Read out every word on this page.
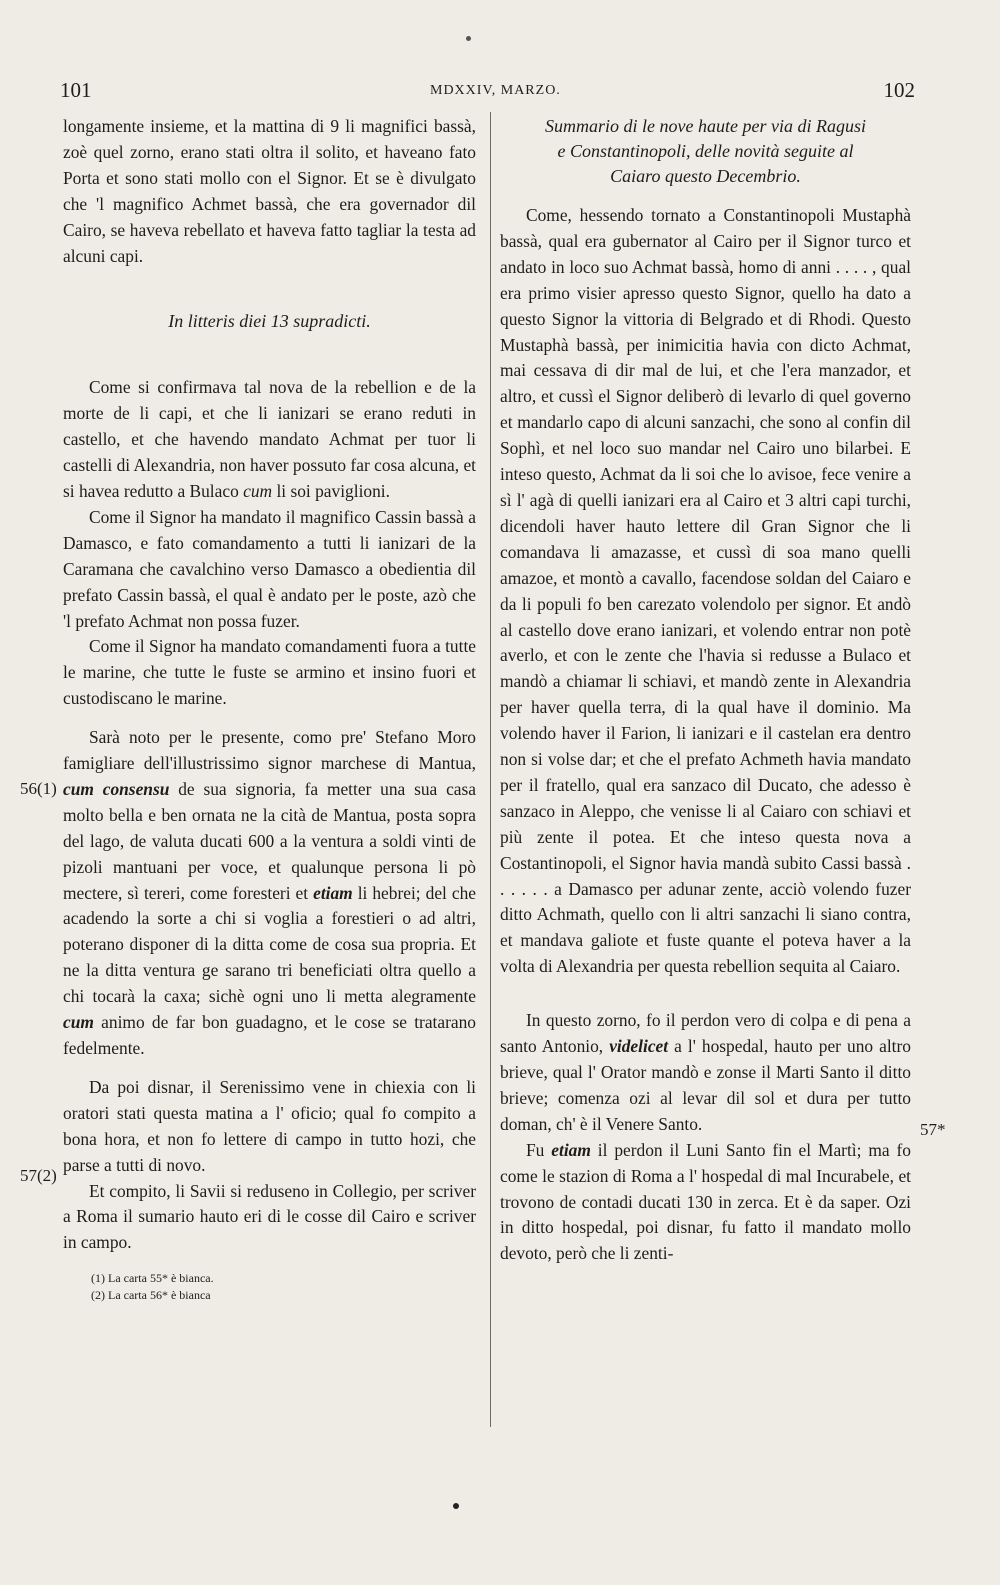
101	MDXXIV, MARZO.	102

longamente insieme, et la mattina di 9 li magnifici bassà, zoè quel zorno, erano stati oltra il solito, et haveano fato Porta et sono stati mollo con el Signor. Et se è divulgato che 'l magnifico Achmet bassà, che era governador dil Cairo, se haveva rebellato et haveva fatto tagliar la testa ad alcuni capi.

In litteris diei 13 supradicti.

Come si confirmava tal nova de la rebellion e de la morte de li capi, et che li ianizari se erano reduti in castello, et che havendo mandato Achmat per tuor li castelli di Alexandria, non haver possuto far cosa alcuna, et si havea redutto a Bulaco cum li soi paviglioni.

Come il Signor ha mandato il magnifico Cassin bassà a Damasco, e fato comandamento a tutti li ianizari de la Caramana che cavalchino verso Damasco a obedientia dil prefato Cassin bassà, el qual è andato per le poste, azò che 'l prefato Achmat non possa fuzer.

Come il Signor ha mandato comandamenti fuora a tutte le marine, che tutte le fuste se armino et insino fuori et custodiscano le marine.

Sarà noto per le presente, como pre' Stefano Moro famigliare dell'illustrissimo signor marchese di Mantua, cum consensu de sua signoria, fa metter una sua casa molto bella e ben ornata ne la cità de Mantua, posta sopra del lago, de valuta ducati 600 a la ventura a soldi vinti de pizoli mantuani per voce, et qualunque persona li pò mectere, sì tereri, come foresteri et etiam li hebrei; del che acadendo la sorte a chi si voglia a forestieri o ad altri, poterano disponer di la ditta come de cosa sua propria. Et ne la ditta ventura ge sarano tri beneficiati oltra quello a chi tocarà la caxa; sichè ogni uno li metta alegramente cum animo de far bon guadagno, et le cose se tratarano fedelmente.

Da poi disnar, il Serenissimo vene in chiexia con li oratori stati questa matina a l' oficio; qual fo compito a bona hora, et non fo lettere di campo in tutto hozi, che parse a tutti di novo.

Et compito, li Savii si reduseno in Collegio, per scriver a Roma il sumario hauto eri di le cosse dil Cairo e scriver in campo.

(1) La carta 55* è bianca.
(2) La carta 56* è bianca
56(1)
57(2)

Summario di le nove haute per via di Ragusi
e Constantinopoli, delle novità seguite al
Caiaro questo Decembrio.

Come, hessendo tornato a Constantinopoli Mustaphà bassà, qual era gubernator al Cairo per il Signor turco et andato in loco suo Achmat bassà, homo di anni . . . . , qual era primo visier apresso questo Signor, quello ha dato a questo Signor la vittoria di Belgrado et di Rhodi. Questo Mustaphà bassà, per inimicitia havia con dicto Achmat, mai cessava di dir mal de lui, et che l'era manzador, et altro, et cussì el Signor deliberò di levarlo di quel governo et mandarlo capo di alcuni sanzachi, che sono al confin dil Sophì, et nel loco suo mandar nel Cairo uno bilarbei. E inteso questo, Achmat da li soi che lo avisoe, fece venire a sì l' agà di quelli ianizari era al Cairo et 3 altri capi turchi, dicendoli haver hauto lettere dil Gran Signor che li comandava li amazasse, et cussì di soa mano quelli amazoe, et montò a cavallo, facendose soldan del Caiaro e da li populi fo ben carezato volendolo per signor. Et andò al castello dove erano ianizari, et volendo entrar non potè averlo, et con le zente che l'havia si redusse a Bulaco et mandò a chiamar li schiavi, et mandò zente in Alexandria per haver quella terra, di la qual have il dominio. Ma volendo haver il Farion, li ianizari e il castelan era dentro non si volse dar; et che el prefato Achmeth havia mandato per il fratello, qual era sanzaco dil Ducato, che adesso è sanzaco in Aleppo, che venisse li al Caiaro con schiavi et più zente il potea. Et che inteso questa nova a Costantinopoli, el Signor havia mandà subito Cassi bassà . . . . . . a Damasco per adunar zente, acciò volendo fuzer ditto Achmath, quello con li altri sanzachi li siano contra, et mandava galiote et fuste quante el poteva haver a la volta di Alexandria per questa rebellion sequita al Caiaro.

In questo zorno, fo il perdon vero di colpa e di pena a santo Antonio, videlicet a l' hospedal, hauto per uno altro brieve, qual l' Orator mandò e zonse il Marti Santo il ditto brieve; comenza ozi al levar dil sol et dura per tutto doman, ch' è il Venere Santo.

Fu etiam il perdon il Luni Santo fin el Martì; ma fo come le stazion di Roma a l' hospedal di mal Incurabele, et trovono de contadi ducati 130 in zerca. Et è da saper. Ozi in ditto hospedal, poi disnar, fu fatto il mandato mollo devoto, però che li zenti-

57*
